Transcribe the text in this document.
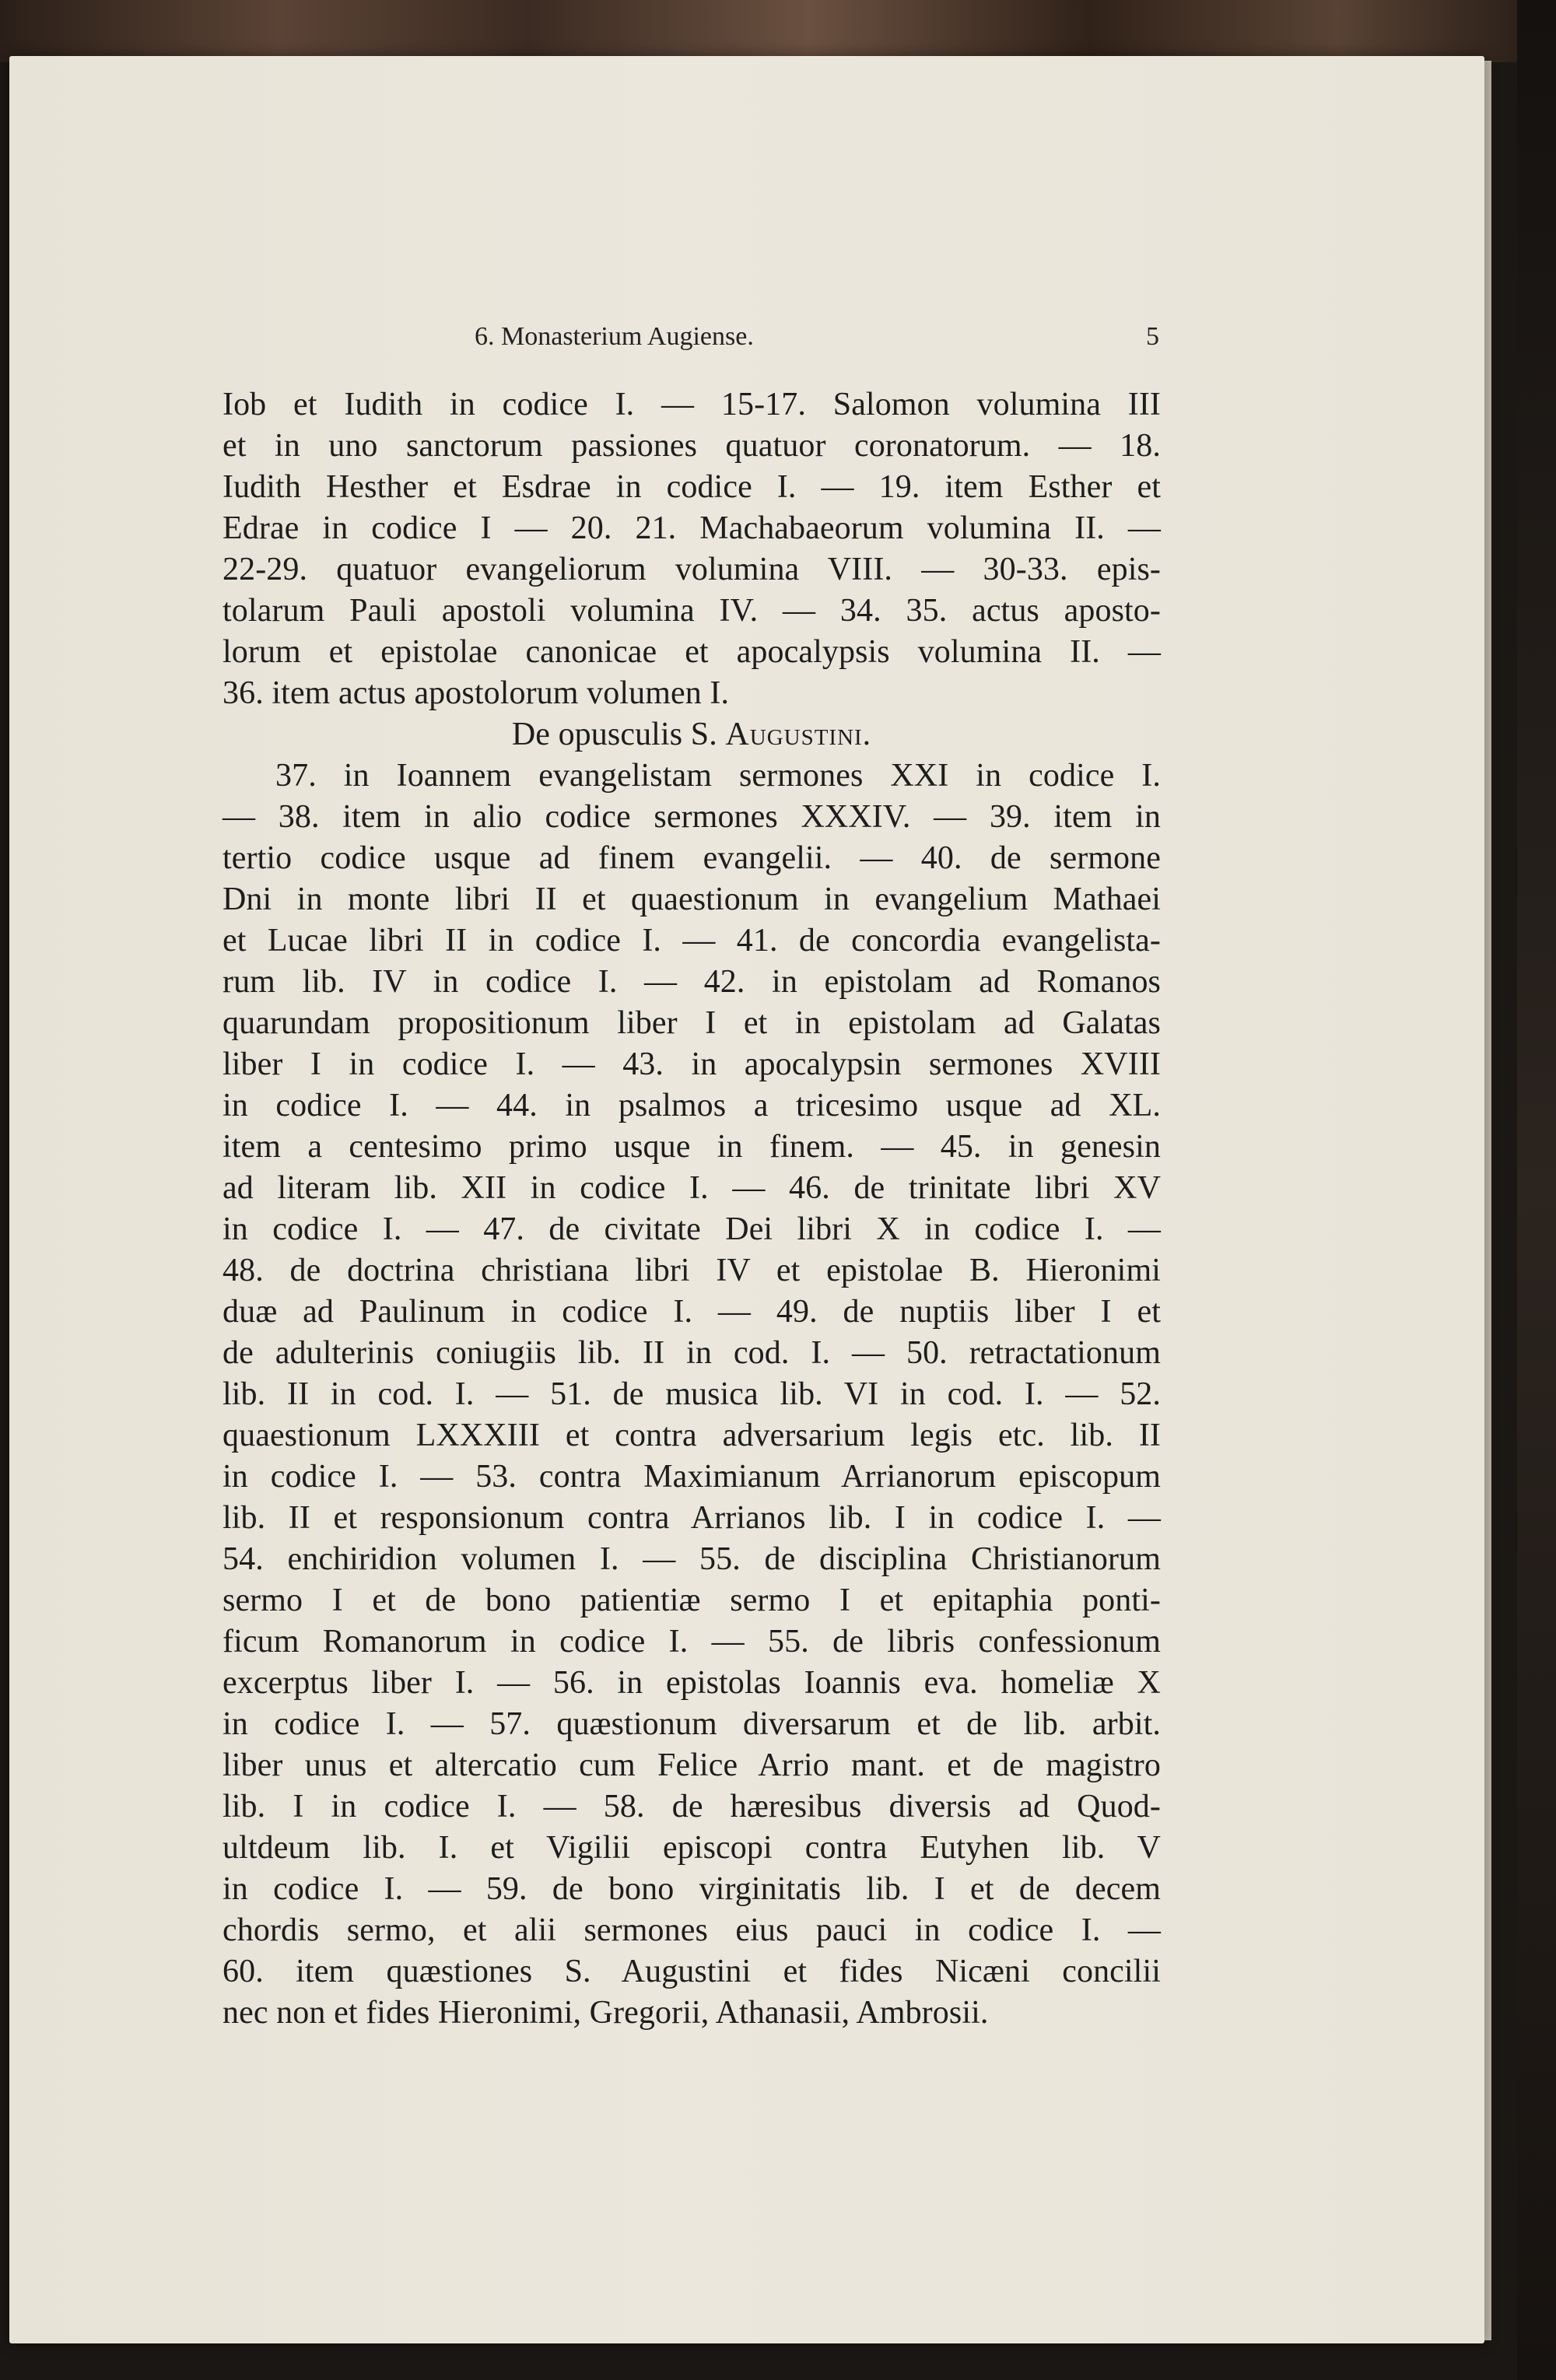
6. Monasterium Augiense.	5
Iob et Iudith in codice I. — 15-17. Salomon volumina III
et in uno sanctorum passiones quatuor coronatorum. — 18.
Iudith Hesther et Esdrae in codice I. — 19. item Esther et
Edrae in codice I — 20. 21. Machabaeorum volumina II. —
22-29. quatuor evangeliorum volumina VIII. — 30-33. epis-
tolarum Pauli apostoli volumina IV. — 34. 35. actus aposto-
lorum et epistolae canonicae et apocalypsis volumina II. —
36. item actus apostolorum volumen I.
De opusculis S. Augustini.
37. in Ioannem evangelistam sermones XXI in codice I.
— 38. item in alio codice sermones XXXIV. — 39. item in
tertio codice usque ad finem evangelii. — 40. de sermone
Dni in monte libri II et quaestionum in evangelium Mathaei
et Lucae libri II in codice I. — 41. de concordia evangelista-
rum lib. IV in codice I. — 42. in epistolam ad Romanos
quarundam propositionum liber I et in epistolam ad Galatas
liber I in codice I. — 43. in apocalypsin sermones XVIII
in codice I. — 44. in psalmos a tricesimo usque ad XL.
item a centesimo primo usque in finem. — 45. in genesin
ad literam lib. XII in codice I. — 46. de trinitate libri XV
in codice I. — 47. de civitate Dei libri X in codice I. —
48. de doctrina christiana libri IV et epistolae B. Hieronimi
duæ ad Paulinum in codice I. — 49. de nuptiis liber I et
de adulterinis coniugiis lib. II in cod. I. — 50. retractationum
lib. II in cod. I. — 51. de musica lib. VI in cod. I. — 52.
quaestionum LXXXIII et contra adversarium legis etc. lib. II
in codice I. — 53. contra Maximianum Arrianorum episcopum
lib. II et responsionum contra Arrianos lib. I in codice I. —
54. enchiridion volumen I. — 55. de disciplina Christianorum
sermo I et de bono patientiæ sermo I et epitaphia ponti-
ficum Romanorum in codice I. — 55. de libris confessionum
excerptus liber I. — 56. in epistolas Ioannis eva. homeliæ X
in codice I. — 57. quæstionum diversarum et de lib. arbit.
liber unus et altercatio cum Felice Arrio mant. et de magistro
lib. I in codice I. — 58. de hæresibus diversis ad Quod-
ultdeum lib. I. et Vigilii episcopi contra Eutyhen lib. V
in codice I. — 59. de bono virginitatis lib. I et de decem
chordis sermo, et alii sermones eius pauci in codice I. —
60. item quæstiones S. Augustini et fides Nicæni concilii
nec non et fides Hieronimi, Gregorii, Athanasii, Ambrosii.
